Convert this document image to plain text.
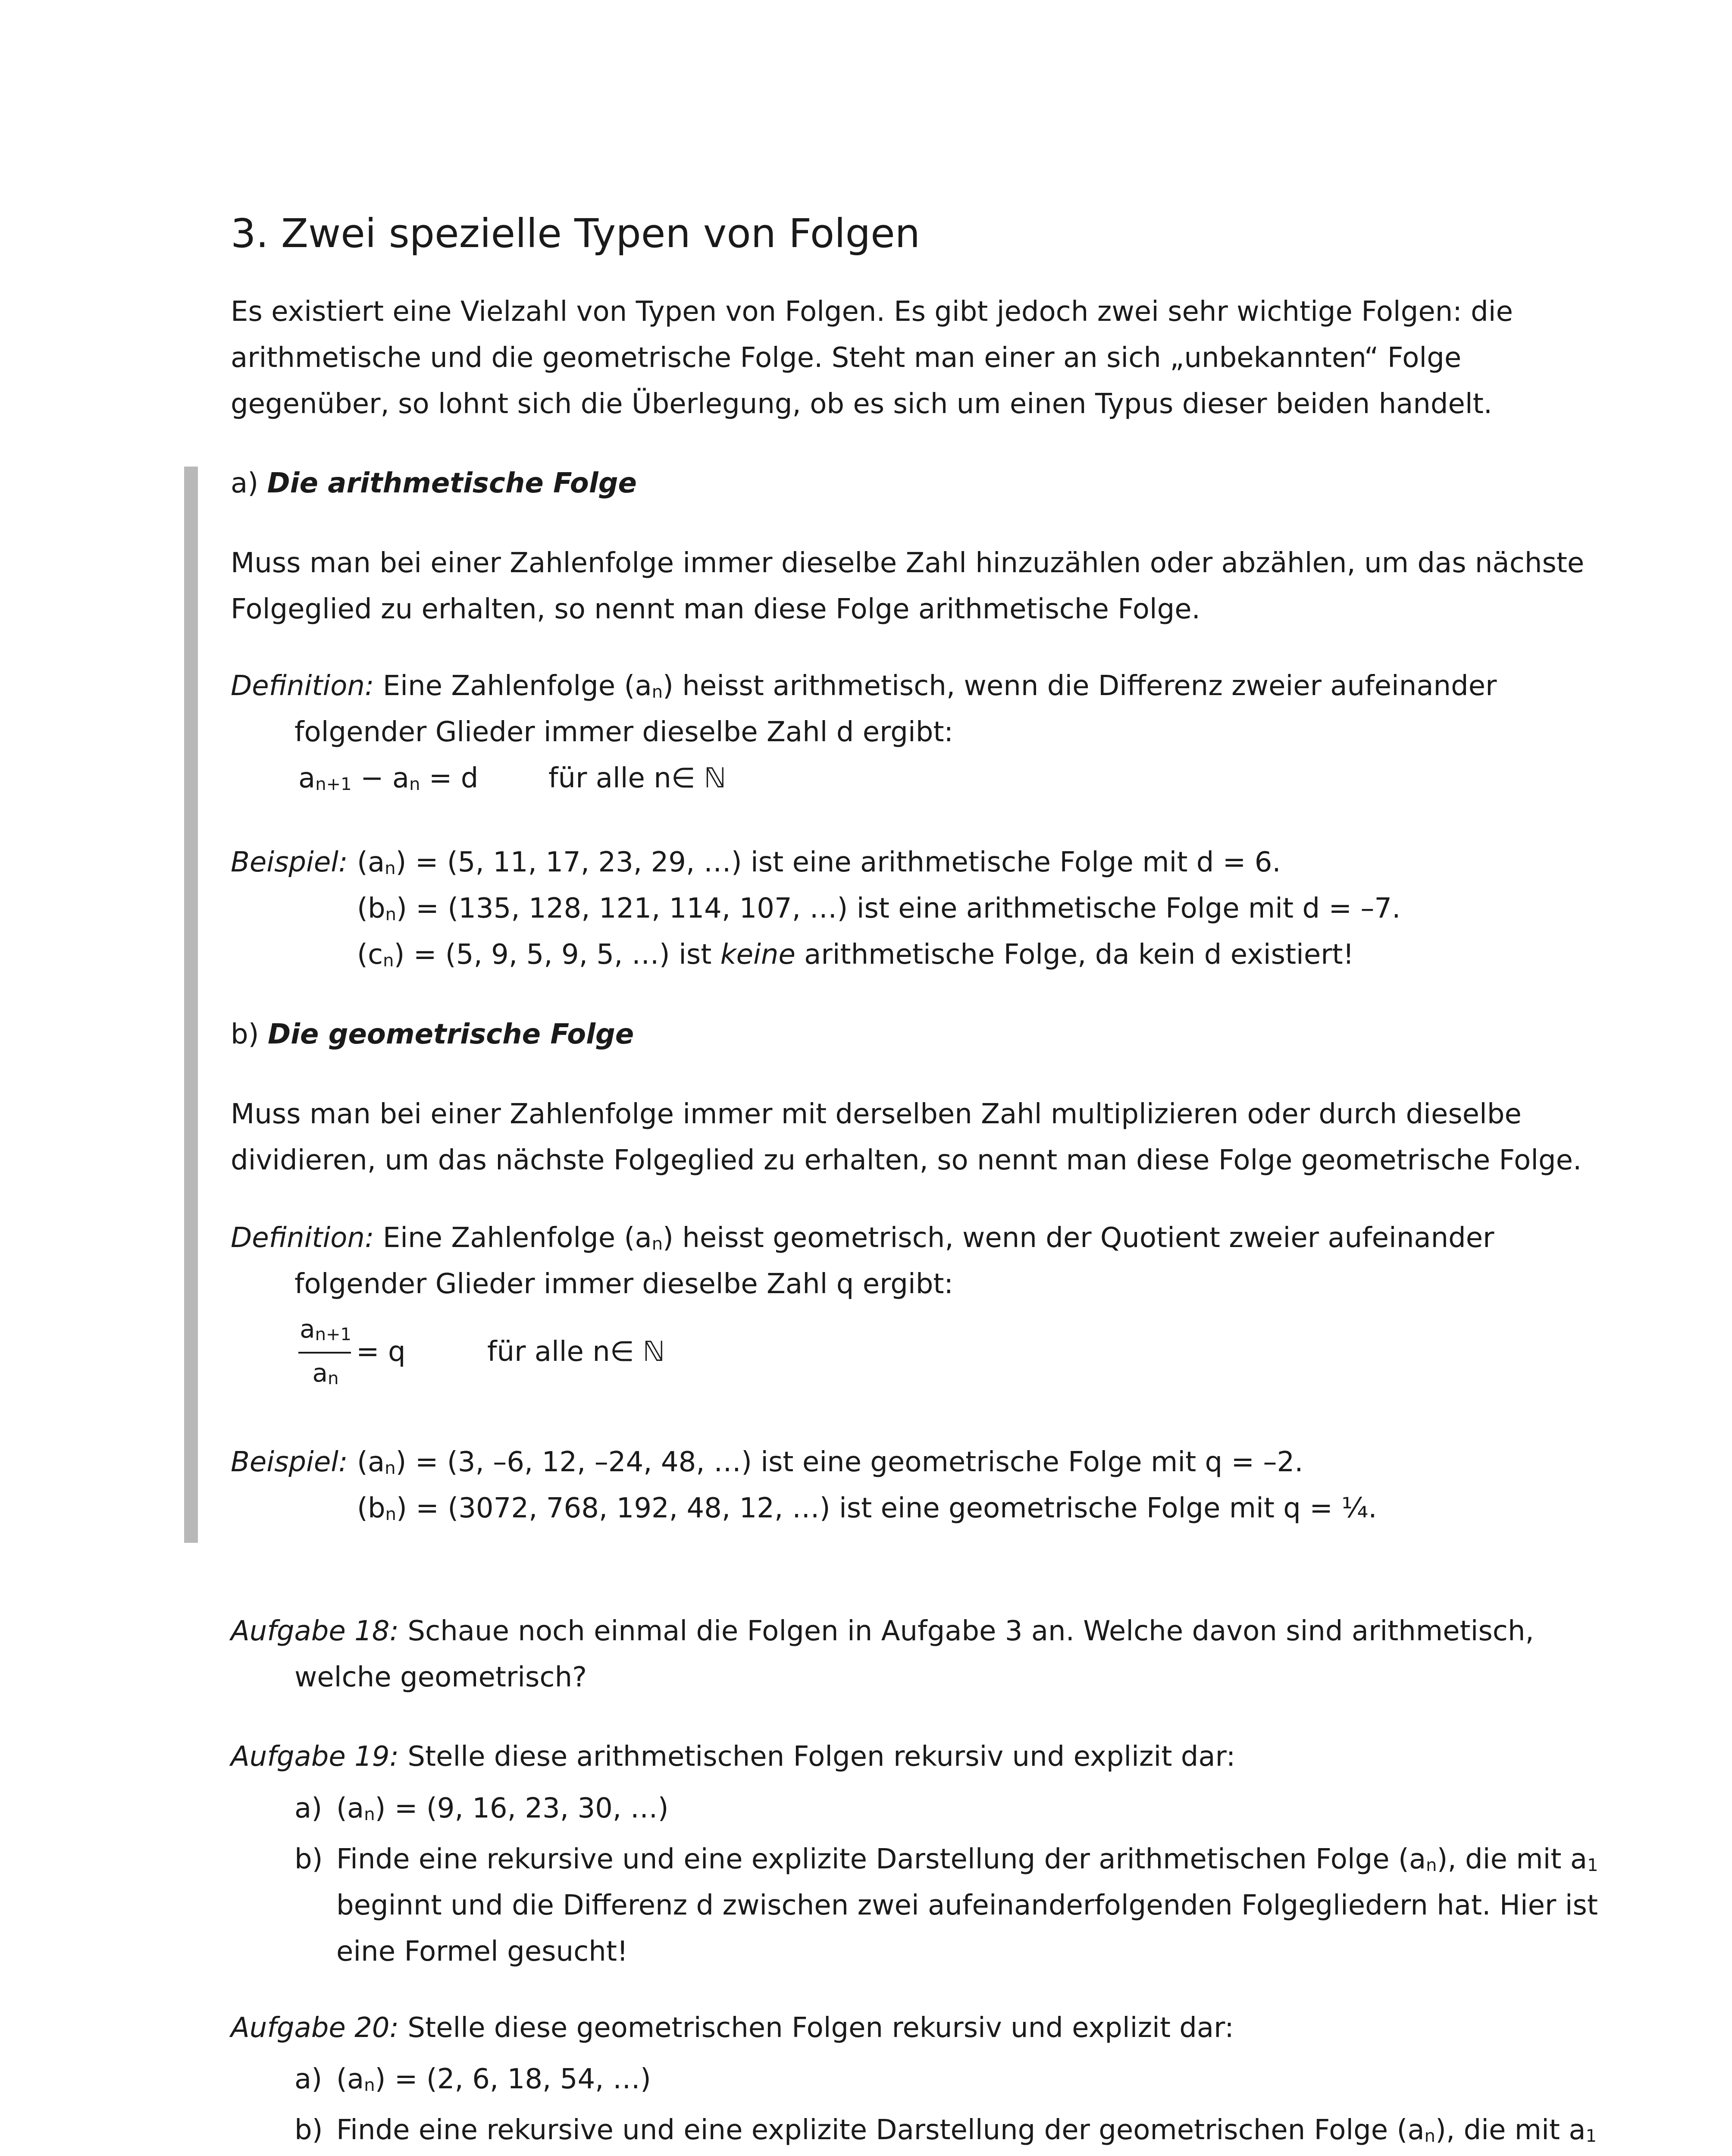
3. Zwei spezielle Typen von Folgen
Es existiert eine Vielzahl von Typen von Folgen. Es gibt jedoch zwei sehr wichtige Folgen: die
arithmetische und die geometrische Folge. Steht man einer an sich „unbekannten“ Folge
gegenüber, so lohnt sich die Überlegung, ob es sich um einen Typus dieser beiden handelt.
a) Die arithmetische Folge
Muss man bei einer Zahlenfolge immer dieselbe Zahl hinzuzählen oder abzählen, um das nächste
Folgeglied zu erhalten, so nennt man diese Folge arithmetische Folge.
Definition: Eine Zahlenfolge $(a_n)$ heisst arithmetisch, wenn die Differenz zweier aufeinander
folgender Glieder immer dieselbe Zahl d ergibt:
$a_{n+1} - a_n = d$	für alle n∈ ℕ
Beispiel: $(a_n) = (5$, 11, 17, 23, 29, …) ist eine arithmetische Folge mit d = 6.
$(b_n) = (135$, 128, 121, 114, 107, …) ist eine arithmetische Folge mit d = –7.
$(c_n) = (5$, 9, 5, 9, 5, …) ist keine arithmetische Folge, da kein d existiert!
b) Die geometrische Folge
Muss man bei einer Zahlenfolge immer mit derselben Zahl multiplizieren oder durch dieselbe
dividieren, um das nächste Folgeglied zu erhalten, so nennt man diese Folge geometrische Folge.
Definition: Eine Zahlenfolge $(a_n)$ heisst geometrisch, wenn der Quotient zweier aufeinander
folgender Glieder immer dieselbe Zahl q ergibt:
$a_{n+1}$
$a_n$
= q	für alle n∈ ℕ
Beispiel: $(a_n) = (3$, –6, 12, –24, 48, …) ist eine geometrische Folge mit q = –2.
$(b_n) = (3072$, 768, 192, 48, 12, …) ist eine geometrische Folge mit q = ¼.
Aufgabe 18: Schaue noch einmal die Folgen in Aufgabe 3 an. Welche davon sind arithmetisch,
welche geometrisch?
Aufgabe 19: Stelle diese arithmetischen Folgen rekursiv und explizit dar:
a) $(a_n) = (9$, 16, 23, 30, …)
b) Finde eine rekursive und eine explizite Darstellung der arithmetischen Folge $(a_n)$, die mit $a_1$
beginnt und die Differenz d zwischen zwei aufeinanderfolgenden Folgegliedern hat. Hier ist
eine Formel gesucht!
Aufgabe 20: Stelle diese geometrischen Folgen rekursiv und explizit dar:
a) $(a_n) = (2$, 6, 18, 54, …)
b) Finde eine rekursive und eine explizite Darstellung der geometrischen Folge $(a_n)$, die mit $a_1$
